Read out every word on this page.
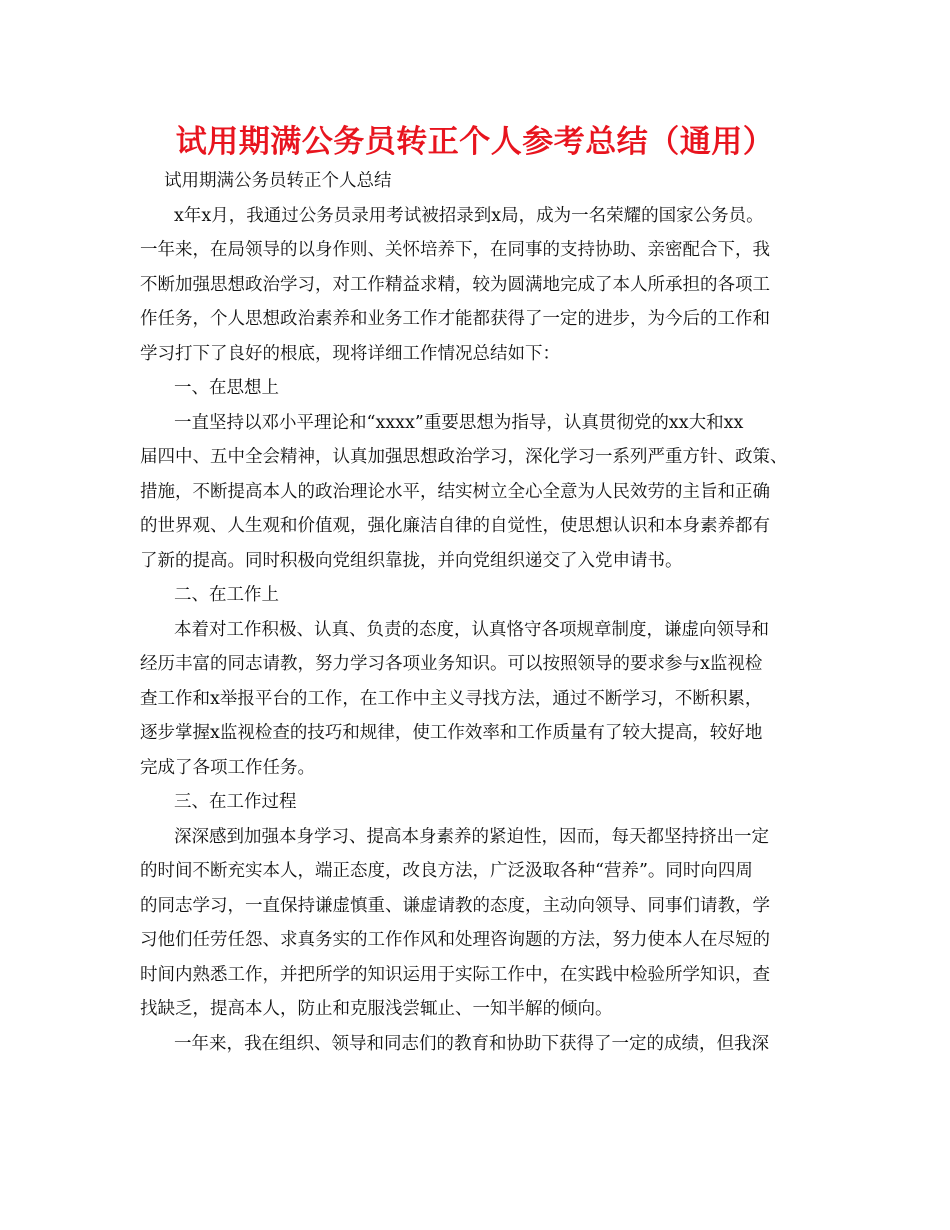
试用期满公务员转正个人参考总结（通用）
试用期满公务员转正个人总结
x年x月，我通过公务员录用考试被招录到x局，成为一名荣耀的国家公务员。
一年来，在局领导的以身作则、关怀培养下，在同事的支持协助、亲密配合下，我
不断加强思想政治学习，对工作精益求精，较为圆满地完成了本人所承担的各项工
作任务，个人思想政治素养和业务工作才能都获得了一定的进步，为今后的工作和
学习打下了良好的根底，现将详细工作情况总结如下：
一、在思想上
一直坚持以邓小平理论和“xxxx”重要思想为指导，认真贯彻党的xx大和xx
届四中、五中全会精神，认真加强思想政治学习，深化学习一系列严重方针、政策、
措施，不断提高本人的政治理论水平，结实树立全心全意为人民效劳的主旨和正确
的世界观、人生观和价值观，强化廉洁自律的自觉性，使思想认识和本身素养都有
了新的提高。同时积极向党组织靠拢，并向党组织递交了入党申请书。
二、在工作上
本着对工作积极、认真、负责的态度，认真恪守各项规章制度，谦虚向领导和
经历丰富的同志请教，努力学习各项业务知识。可以按照领导的要求参与x监视检
查工作和x举报平台的工作，在工作中主义寻找方法，通过不断学习，不断积累，
逐步掌握x监视检查的技巧和规律，使工作效率和工作质量有了较大提高，较好地
完成了各项工作任务。
三、在工作过程
深深感到加强本身学习、提高本身素养的紧迫性，因而，每天都坚持挤出一定
的时间不断充实本人，端正态度，改良方法，广泛汲取各种“营养”。同时向四周
的同志学习，一直保持谦虚慎重、谦虚请教的态度，主动向领导、同事们请教，学
习他们任劳任怨、求真务实的工作作风和处理咨询题的方法，努力使本人在尽短的
时间内熟悉工作，并把所学的知识运用于实际工作中，在实践中检验所学知识，查
找缺乏，提高本人，防止和克服浅尝辄止、一知半解的倾向。
一年来，我在组织、领导和同志们的教育和协助下获得了一定的成绩，但我深
